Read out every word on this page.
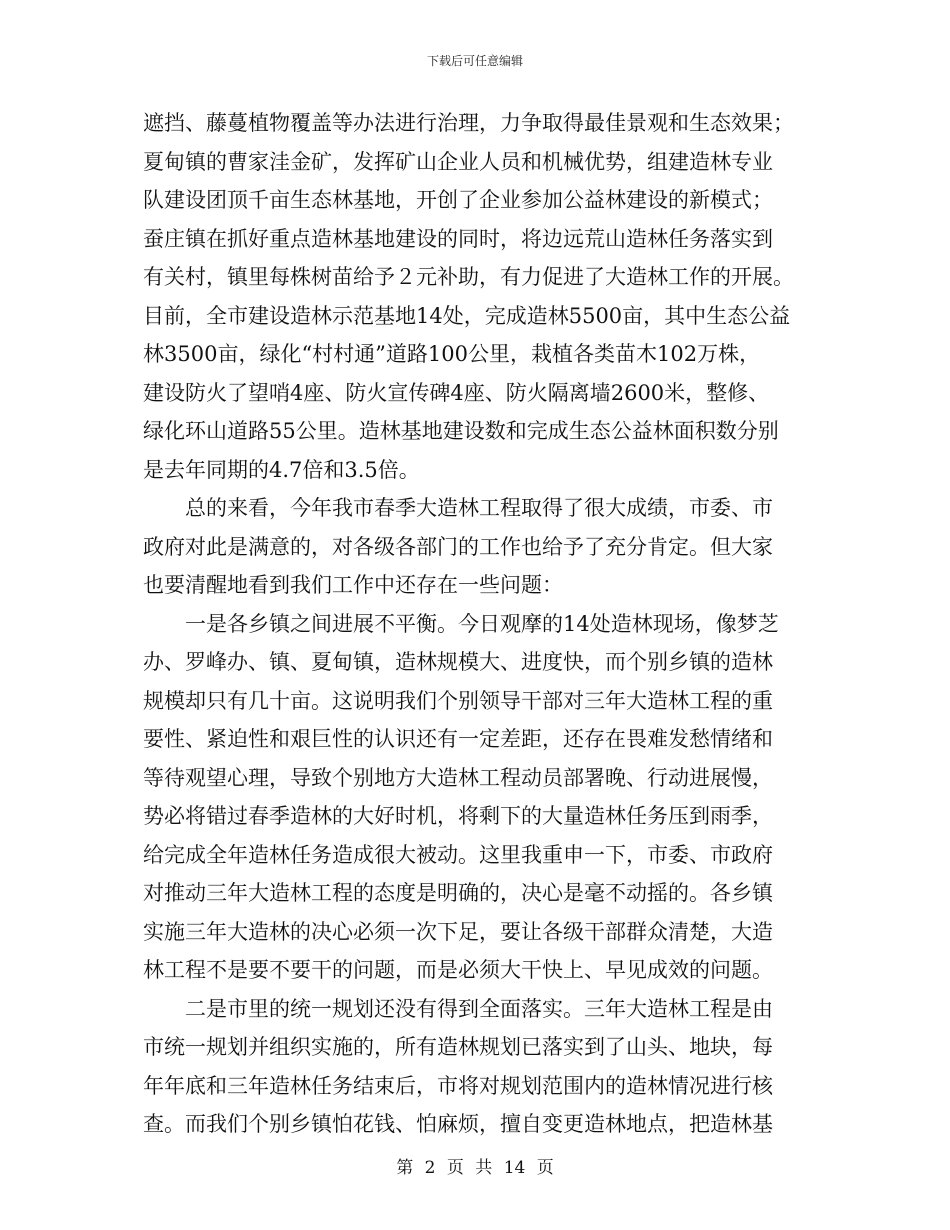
下载后可任意编辑

遮挡、藤蔓植物覆盖等办法进行治理，力争取得最佳景观和生态效果；

夏甸镇的曹家洼金矿，发挥矿山企业人员和机械优势，组建造林专业

队建设团顶千亩生态林基地，开创了企业参加公益林建设的新模式；

蚕庄镇在抓好重点造林基地建设的同时，将边远荒山造林任务落实到

有关村，镇里每株树苗给予２元补助，有力促进了大造林工作的开展。

目前，全市建设造林示范基地14处，完成造林5500亩，其中生态公益

林3500亩，绿化“村村通”道路100公里，栽植各类苗木102万株，

建设防火了望哨4座、防火宣传碑4座、防火隔离墙2600米，整修、

绿化环山道路55公里。造林基地建设数和完成生态公益林面积数分别

是去年同期的4.7倍和3.5倍。

总的来看，今年我市春季大造林工程取得了很大成绩，市委、市

政府对此是满意的，对各级各部门的工作也给予了充分肯定。但大家

也要清醒地看到我们工作中还存在一些问题：

一是各乡镇之间进展不平衡。今日观摩的14处造林现场，像梦芝

办、罗峰办、镇、夏甸镇，造林规模大、进度快，而个别乡镇的造林

规模却只有几十亩。这说明我们个别领导干部对三年大造林工程的重

要性、紧迫性和艰巨性的认识还有一定差距，还存在畏难发愁情绪和

等待观望心理，导致个别地方大造林工程动员部署晚、行动进展慢，

势必将错过春季造林的大好时机，将剩下的大量造林任务压到雨季，

给完成全年造林任务造成很大被动。这里我重申一下，市委、市政府

对推动三年大造林工程的态度是明确的，决心是毫不动摇的。各乡镇

实施三年大造林的决心必须一次下足，要让各级干部群众清楚，大造

林工程不是要不要干的问题，而是必须大干快上、早见成效的问题。

二是市里的统一规划还没有得到全面落实。三年大造林工程是由

市统一规划并组织实施的，所有造林规划已落实到了山头、地块，每

年年底和三年造林任务结束后，市将对规划范围内的造林情况进行核

查。而我们个别乡镇怕花钱、怕麻烦，擅自变更造林地点，把造林基

第 2 页 共 14 页
